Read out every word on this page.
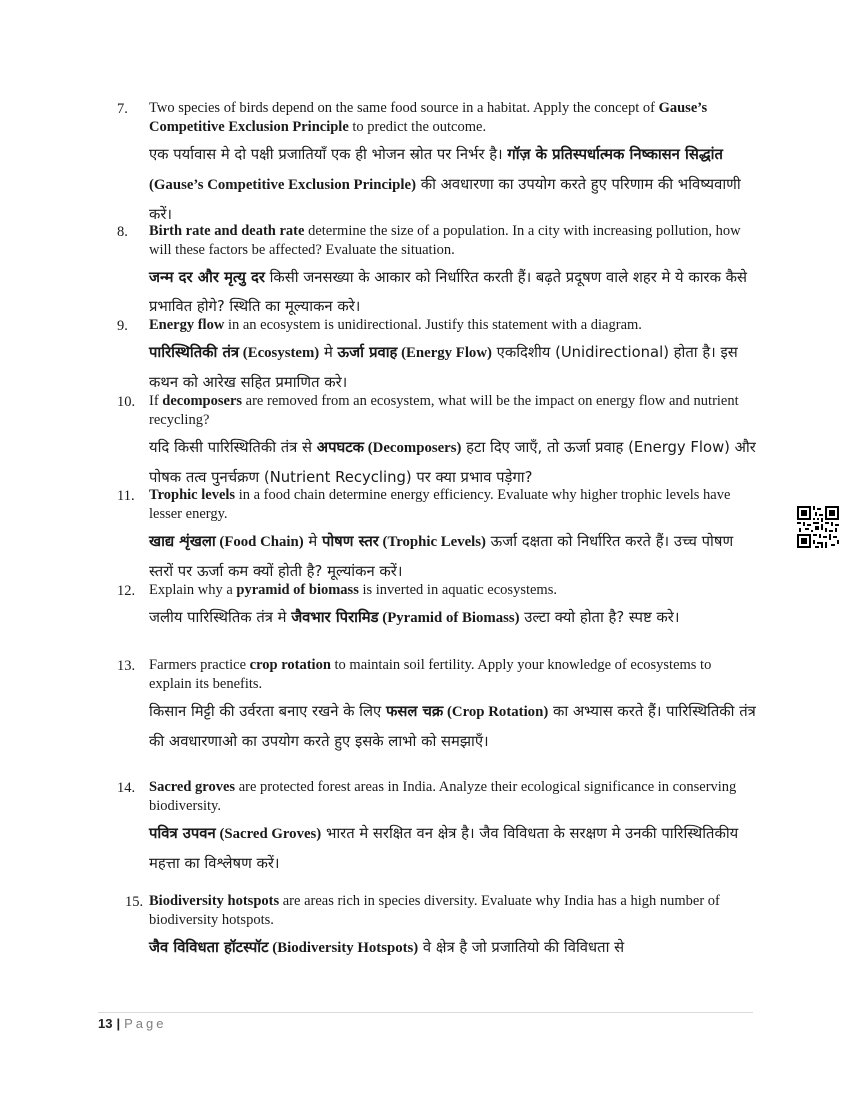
7. Two species of birds depend on the same food source in a habitat. Apply the concept of Gause’s Competitive Exclusion Principle to predict the outcome.
एक पर्यावास मे दो पक्षी प्रजातियाँ एक ही भोजन स्रोत पर निर्भर है। गॉज़ के प्रतिस्पर्धात्मक निष्कासन सिद्धांत (Gause’s Competitive Exclusion Principle) की अवधारणा का उपयोग करते हुए परिणाम की भविष्यवाणी करें।
8. Birth rate and death rate determine the size of a population. In a city with increasing pollution, how will these factors be affected? Evaluate the situation.
जन्म दर और मृत्यु दर किसी जनसख्या के आकार को निर्धारित करती हैं। बढ़ते प्रदूषण वाले शहर मे ये कारक कैसे प्रभावित होगे? स्थिति का मूल्याकन करे।
9. Energy flow in an ecosystem is unidirectional. Justify this statement with a diagram.
पारिस्थितिकी तंत्र (Ecosystem) मे ऊर्जा प्रवाह (Energy Flow) एकदिशीय (Unidirectional) होता है। इस कथन को आरेख सहित प्रमाणित करे।
10. If decomposers are removed from an ecosystem, what will be the impact on energy flow and nutrient recycling?
यदि किसी पारिस्थितिकी तंत्र से अपघटक (Decomposers) हटा दिए जाएँ, तो ऊर्जा प्रवाह (Energy Flow) और पोषक तत्व पुनर्चक्रण (Nutrient Recycling) पर क्या प्रभाव पड़ेगा?
11. Trophic levels in a food chain determine energy efficiency. Evaluate why higher trophic levels have lesser energy.
खाद्य शृंखला (Food Chain) मे पोषण स्तर (Trophic Levels) ऊर्जा दक्षता को निर्धारित करते हैं। उच्च पोषण स्तरों पर ऊर्जा कम क्यों होती है? मूल्यांकन करें।
12. Explain why a pyramid of biomass is inverted in aquatic ecosystems.
जलीय पारिस्थितिक तंत्र मे जैवभार पिरामिड (Pyramid of Biomass) उल्टा क्यो होता है? स्पष्ट करे।
13. Farmers practice crop rotation to maintain soil fertility. Apply your knowledge of ecosystems to explain its benefits.
किसान मिट्टी की उर्वरता बनाए रखने के लिए फसल चक्र (Crop Rotation) का अभ्यास करते हैं। पारिस्थितिकी तंत्र की अवधारणाओ का उपयोग करते हुए इसके लाभो को समझाएँ।
14. Sacred groves are protected forest areas in India. Analyze their ecological significance in conserving biodiversity.
पवित्र उपवन (Sacred Groves) भारत मे सरक्षित वन क्षेत्र है। जैव विविधता के सरक्षण मे उनकी पारिस्थितिकीय महत्ता का विश्लेषण करें।
15. Biodiversity hotspots are areas rich in species diversity. Evaluate why India has a high number of biodiversity hotspots.
जैव विविधता हॉटस्पॉट (Biodiversity Hotspots) वे क्षेत्र है जो प्रजातियो की विविधता से
13 | Page
